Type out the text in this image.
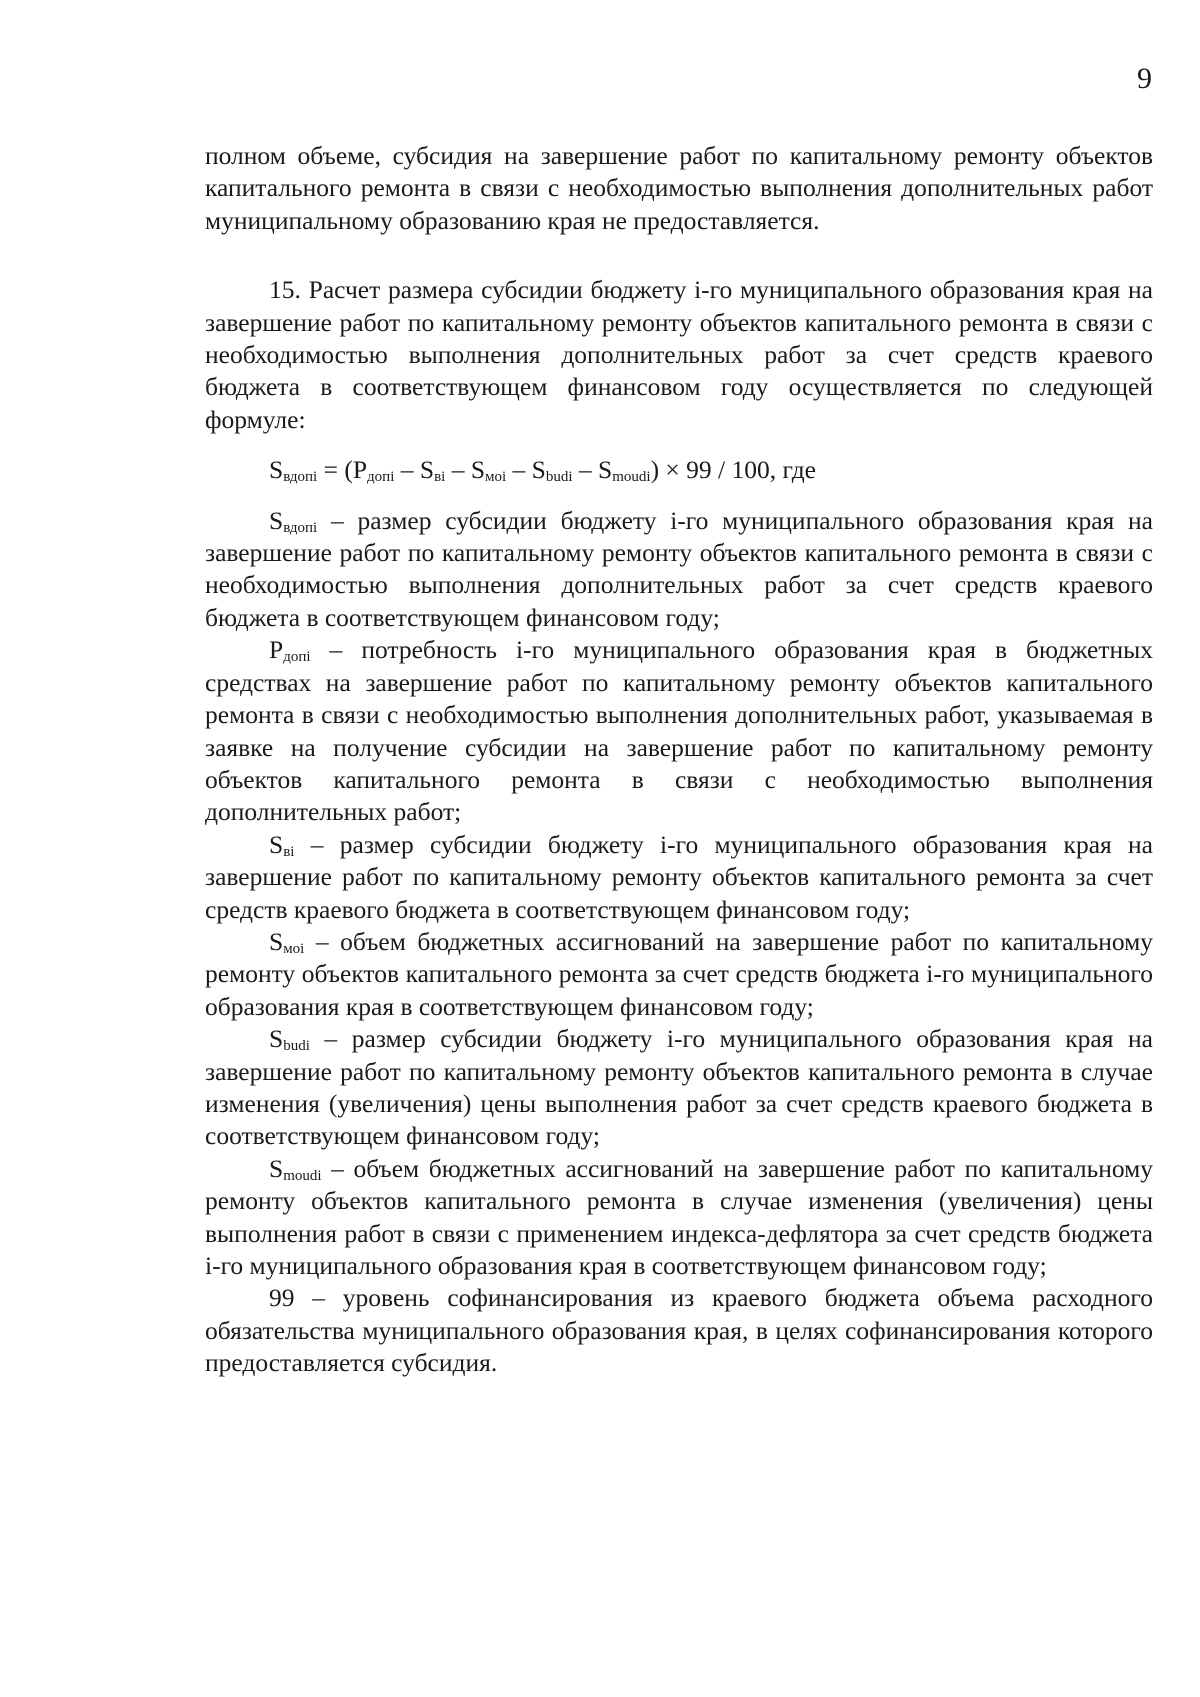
9

полном объеме, субсидия на завершение работ по капитальному ремонту объектов капитального ремонта в связи с необходимостью выполнения дополнительных работ муниципальному образованию края не предоставляется.

15. Расчет размера субсидии бюджету i-го муниципального образования края на завершение работ по капитальному ремонту объектов капитального ремонта в связи с необходимостью выполнения дополнительных работ за счет средств краевого бюджета в соответствующем финансовом году осуществляется по следующей формуле:

$S_{вдопi} = (P_{допi} - S_{вi} - S_{моi} - S_{budi} - S_{moudi}) \times 99 / 100$, где

$S_{вдопi}$ – размер субсидии бюджету i-го муниципального образования края на завершение работ по капитальному ремонту объектов капитального ремонта в связи с необходимостью выполнения дополнительных работ за счет средств краевого бюджета в соответствующем финансовом году;

$P_{допi}$ – потребность i-го муниципального образования края в бюджетных средствах на завершение работ по капитальному ремонту объектов капитального ремонта в связи с необходимостью выполнения дополнительных работ, указываемая в заявке на получение субсидии на завершение работ по капитальному ремонту объектов капитального ремонта в связи с необходимостью выполнения дополнительных работ;

$S_{вi}$ – размер субсидии бюджету i-го муниципального образования края на завершение работ по капитальному ремонту объектов капитального ремонта за счет средств краевого бюджета в соответствующем финансовом году;

$S_{моi}$ – объем бюджетных ассигнований на завершение работ по капитальному ремонту объектов капитального ремонта за счет средств бюджета i-го муниципального образования края в соответствующем финансовом году;

$S_{budi}$ – размер субсидии бюджету i-го муниципального образования края на завершение работ по капитальному ремонту объектов капитального ремонта в случае изменения (увеличения) цены выполнения работ за счет средств краевого бюджета в соответствующем финансовом году;

$S_{moudi}$ – объем бюджетных ассигнований на завершение работ по капитальному ремонту объектов капитального ремонта в случае изменения (увеличения) цены выполнения работ в связи с применением индекса-дефлятора за счет средств бюджета i-го муниципального образования края в соответствующем финансовом году;

99 – уровень софинансирования из краевого бюджета объема расходного обязательства муниципального образования края, в целях софинансирования которого предоставляется субсидия.
